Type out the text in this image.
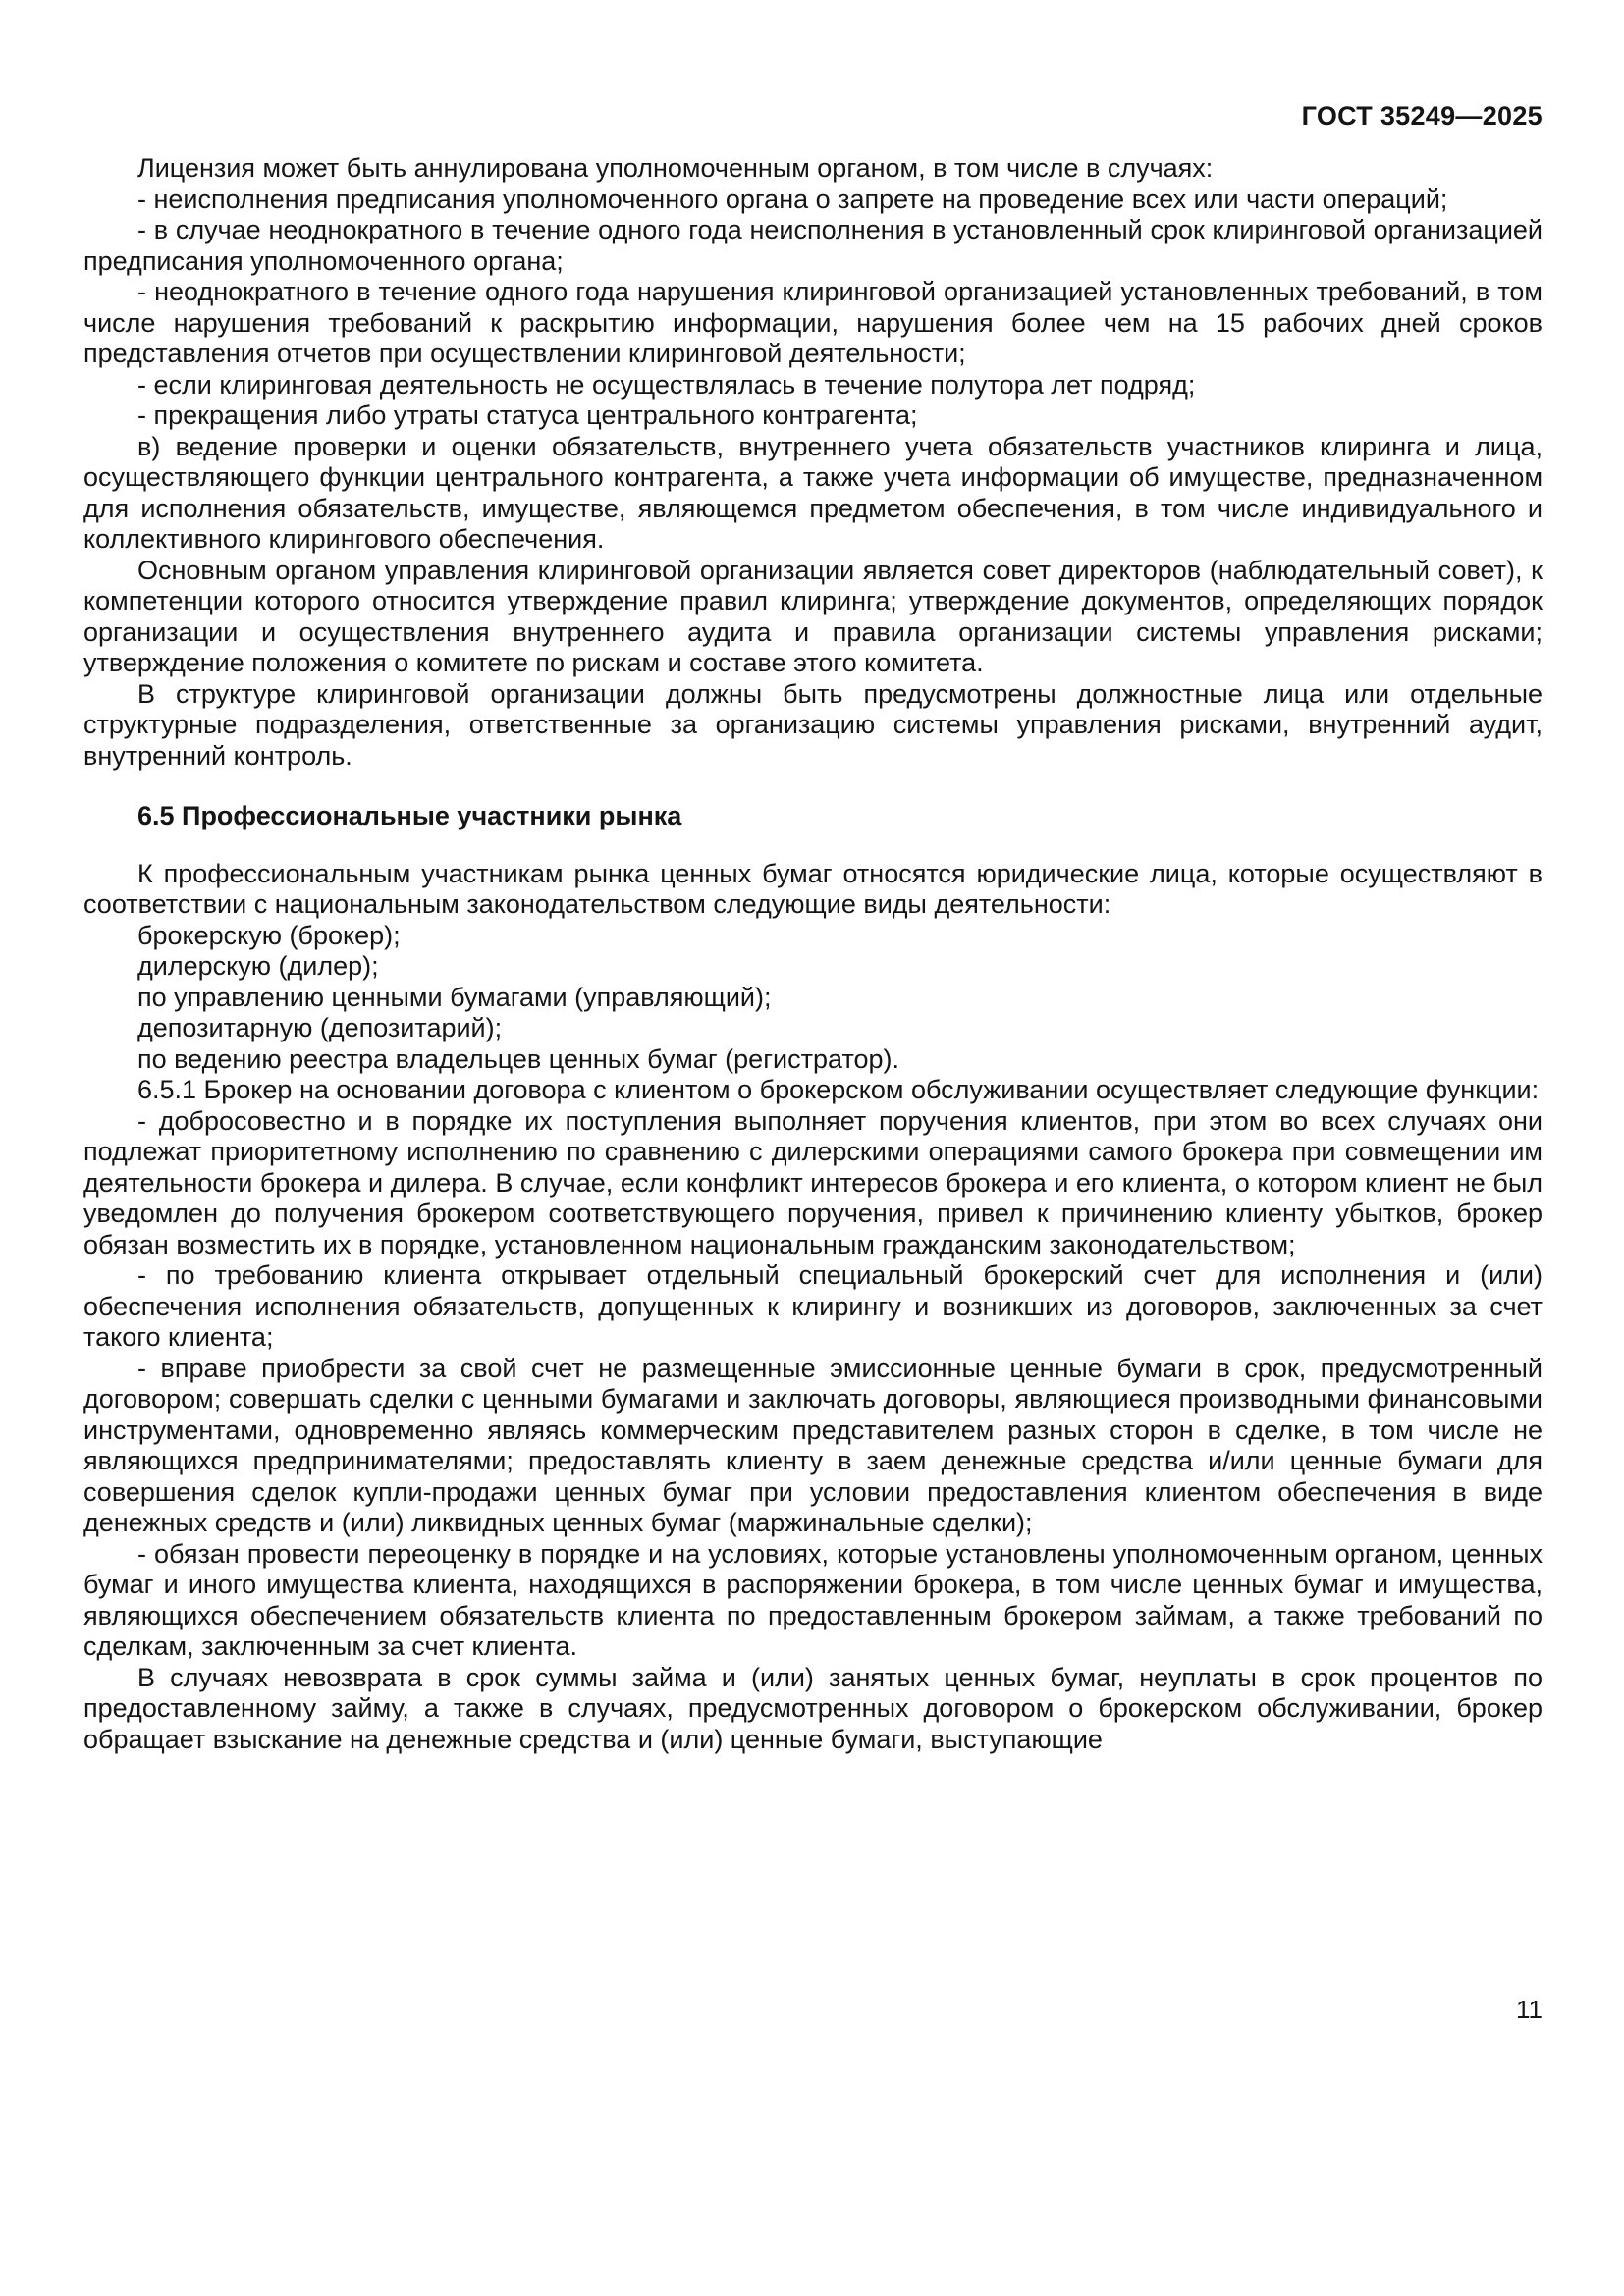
ГОСТ 35249—2025

Лицензия может быть аннулирована уполномоченным органом, в том числе в случаях:

- неисполнения предписания уполномоченного органа о запрете на проведение всех или части операций;

- в случае неоднократного в течение одного года неисполнения в установленный срок клиринговой организацией предписания уполномоченного органа;

- неоднократного в течение одного года нарушения клиринговой организацией установленных требований, в том числе нарушения требований к раскрытию информации, нарушения более чем на 15 рабочих дней сроков представления отчетов при осуществлении клиринговой деятельности;

- если клиринговая деятельность не осуществлялась в течение полутора лет подряд;

- прекращения либо утраты статуса центрального контрагента;

в) ведение проверки и оценки обязательств, внутреннего учета обязательств участников клиринга и лица, осуществляющего функции центрального контрагента, а также учета информации об имуществе, предназначенном для исполнения обязательств, имуществе, являющемся предметом обеспечения, в том числе индивидуального и коллективного клирингового обеспечения.

Основным органом управления клиринговой организации является совет директоров (наблюдательный совет), к компетенции которого относится утверждение правил клиринга; утверждение документов, определяющих порядок организации и осуществления внутреннего аудита и правила организации системы управления рисками; утверждение положения о комитете по рискам и составе этого комитета.

В структуре клиринговой организации должны быть предусмотрены должностные лица или отдельные структурные подразделения, ответственные за организацию системы управления рисками, внутренний аудит, внутренний контроль.

6.5 Профессиональные участники рынка

К профессиональным участникам рынка ценных бумаг относятся юридические лица, которые осуществляют в соответствии с национальным законодательством следующие виды деятельности:

брокерскую (брокер);

дилерскую (дилер);

по управлению ценными бумагами (управляющий);

депозитарную (депозитарий);

по ведению реестра владельцев ценных бумаг (регистратор).

6.5.1 Брокер на основании договора с клиентом о брокерском обслуживании осуществляет следующие функции:

- добросовестно и в порядке их поступления выполняет поручения клиентов, при этом во всех случаях они подлежат приоритетному исполнению по сравнению с дилерскими операциями самого брокера при совмещении им деятельности брокера и дилера. В случае, если конфликт интересов брокера и его клиента, о котором клиент не был уведомлен до получения брокером соответствующего поручения, привел к причинению клиенту убытков, брокер обязан возместить их в порядке, установленном национальным гражданским законодательством;

- по требованию клиента открывает отдельный специальный брокерский счет для исполнения и (или) обеспечения исполнения обязательств, допущенных к клирингу и возникших из договоров, заключенных за счет такого клиента;

- вправе приобрести за свой счет не размещенные эмиссионные ценные бумаги в срок, предусмотренный договором; совершать сделки с ценными бумагами и заключать договоры, являющиеся производными финансовыми инструментами, одновременно являясь коммерческим представителем разных сторон в сделке, в том числе не являющихся предпринимателями; предоставлять клиенту в заем денежные средства и/или ценные бумаги для совершения сделок купли-продажи ценных бумаг при условии предоставления клиентом обеспечения в виде денежных средств и (или) ликвидных ценных бумаг (маржинальные сделки);

- обязан провести переоценку в порядке и на условиях, которые установлены уполномоченным органом, ценных бумаг и иного имущества клиента, находящихся в распоряжении брокера, в том числе ценных бумаг и имущества, являющихся обеспечением обязательств клиента по предоставленным брокером займам, а также требований по сделкам, заключенным за счет клиента.

В случаях невозврата в срок суммы займа и (или) занятых ценных бумаг, неуплаты в срок процентов по предоставленному займу, а также в случаях, предусмотренных договором о брокерском обслуживании, брокер обращает взыскание на денежные средства и (или) ценные бумаги, выступающие

11
